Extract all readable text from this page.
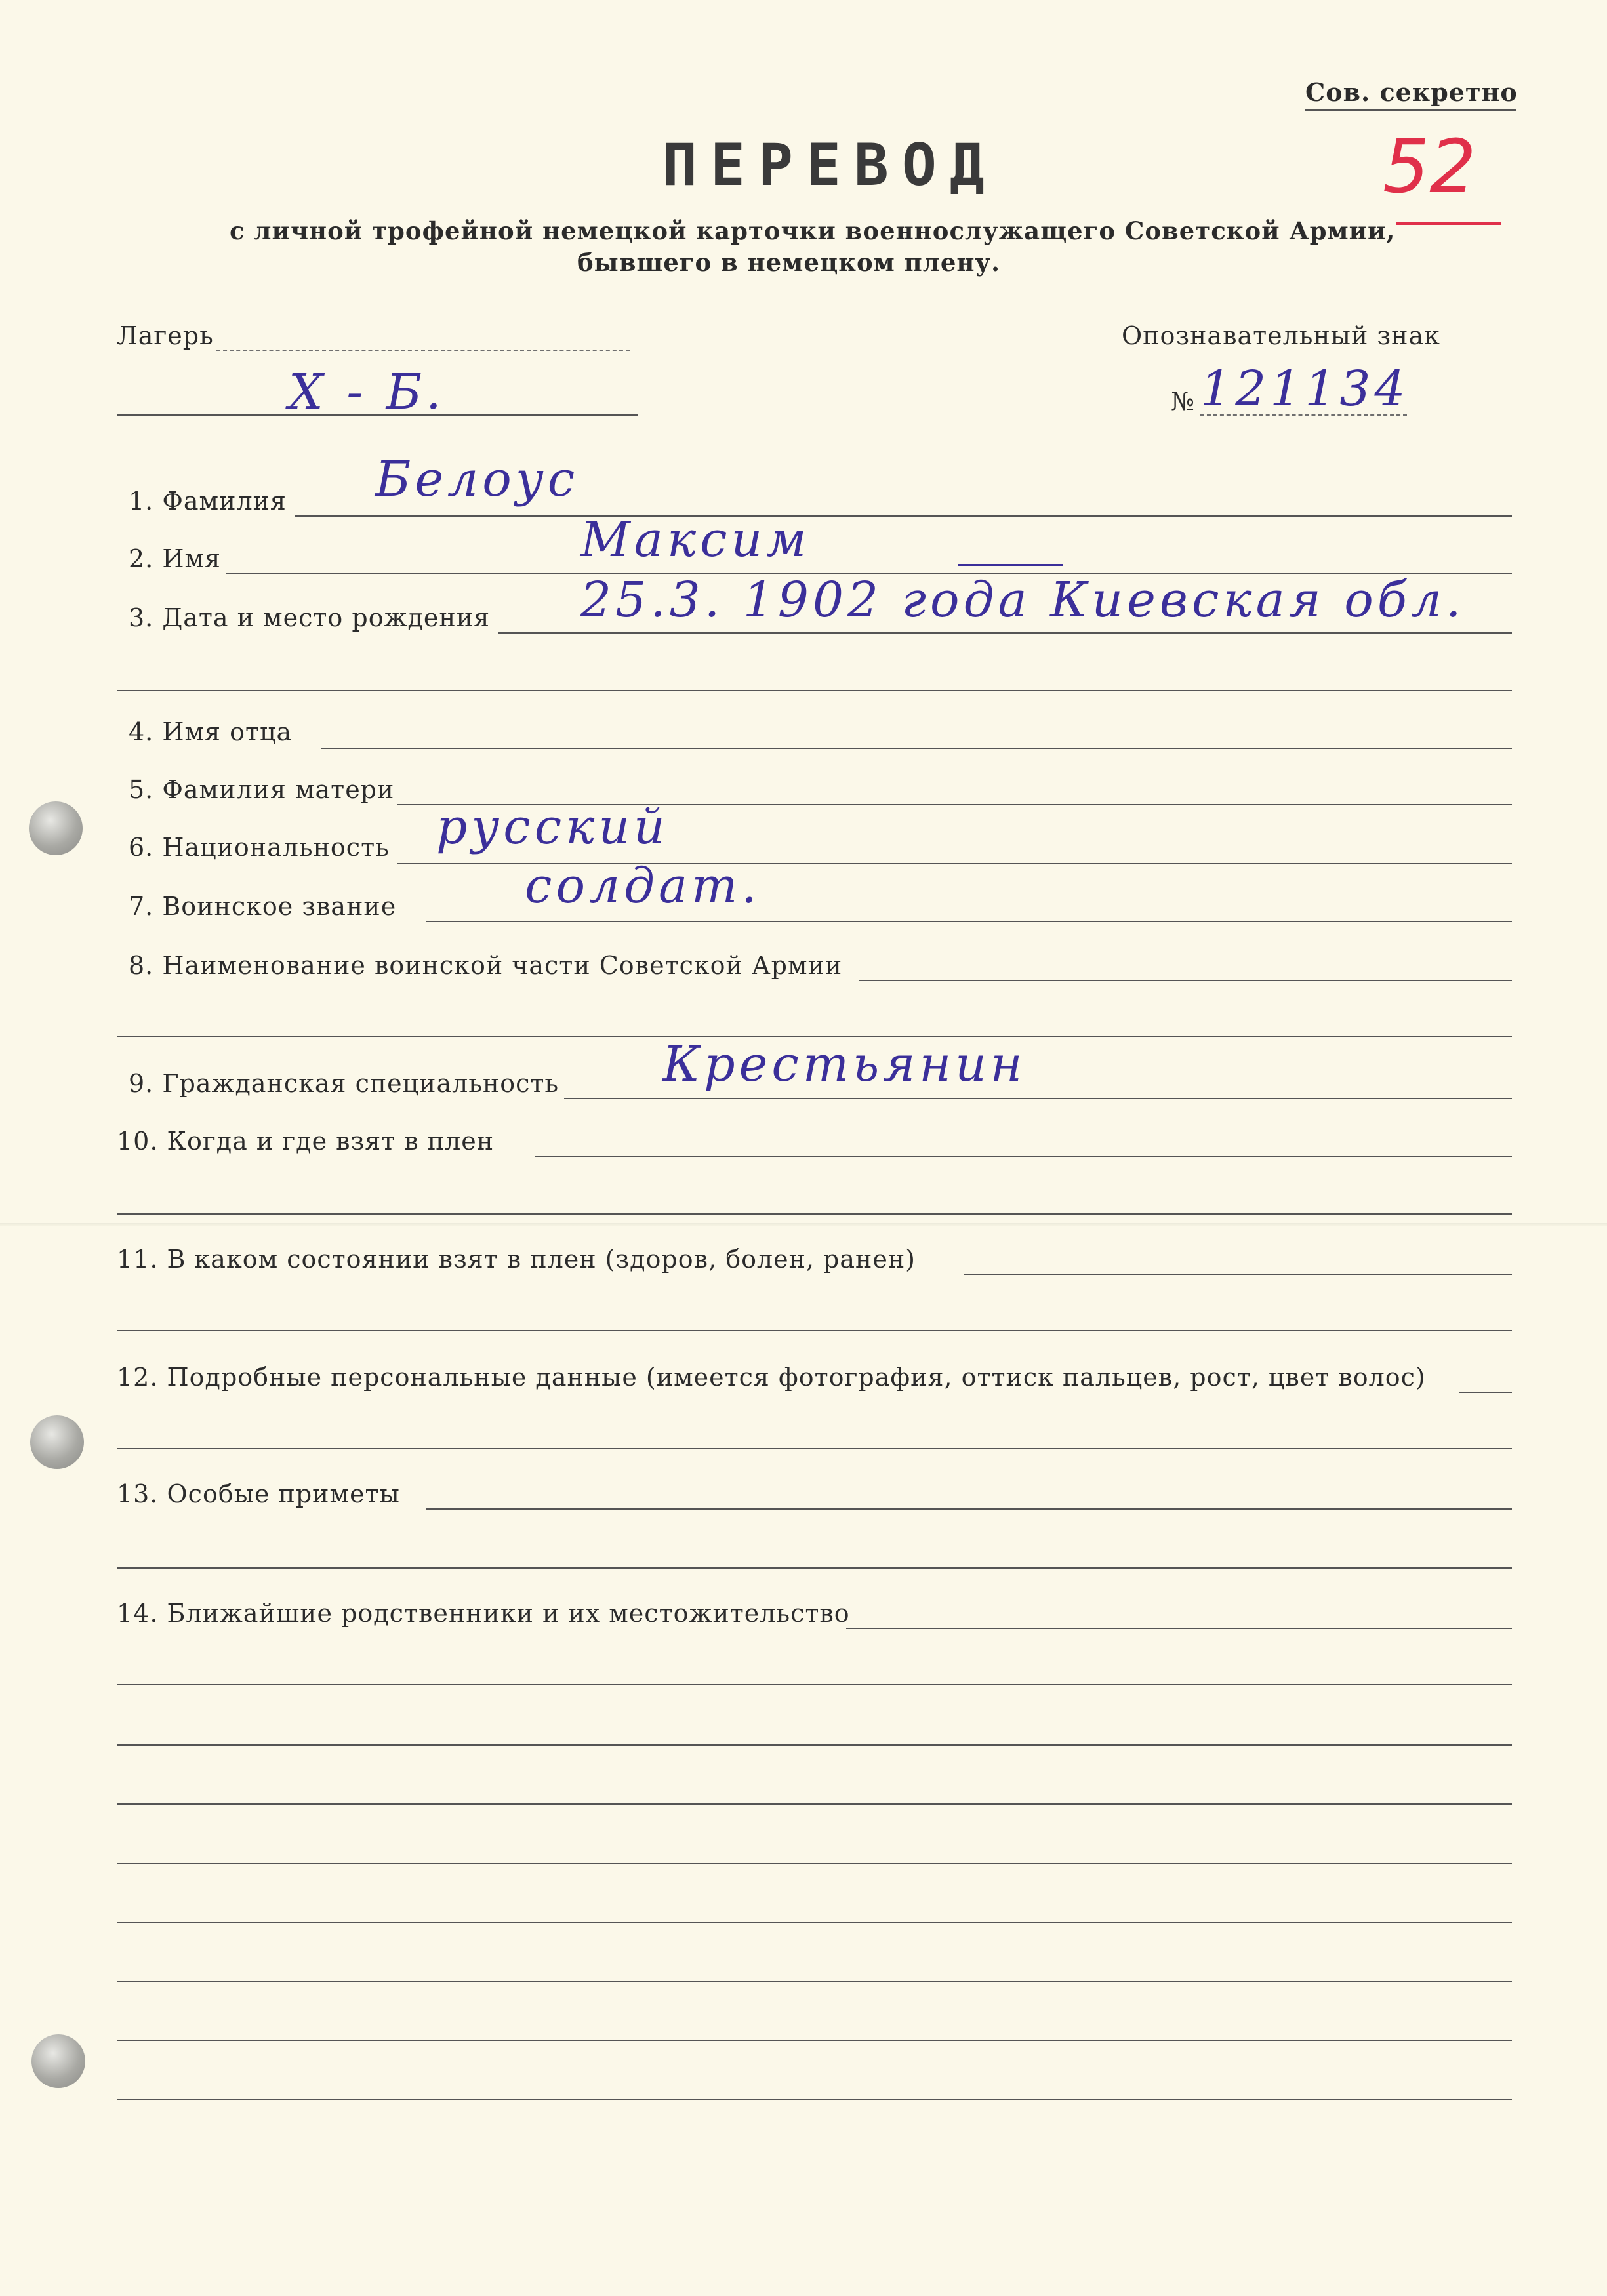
Сов. секретно
52
ПЕРЕВОД
с личной трофейной немецкой карточки военнослужащего Советской Армии,
бывшего в немецком плену.
Лагерь
Х - Б.
Опознавательный знак
№ 121134
1. Фамилия Белоус
2. Имя	Максим
3. Дата и место рождения 25.3. 1902 года Киевская обл.
4. Имя отца
5. Фамилия матери
6. Национальность русский
7. Воинское звание	солдат.
8. Наименование воинской части Советской Армии
9. Гражданская специальность Крестьянин
10. Когда и где взят в плен
11. В каком состоянии взят в плен (здоров, болен, ранен)
12. Подробные персональные данные (имеется фотография, оттиск пальцев, рост, цвет волос)
13. Особые приметы
14. Ближайшие родственники и их местожительство
